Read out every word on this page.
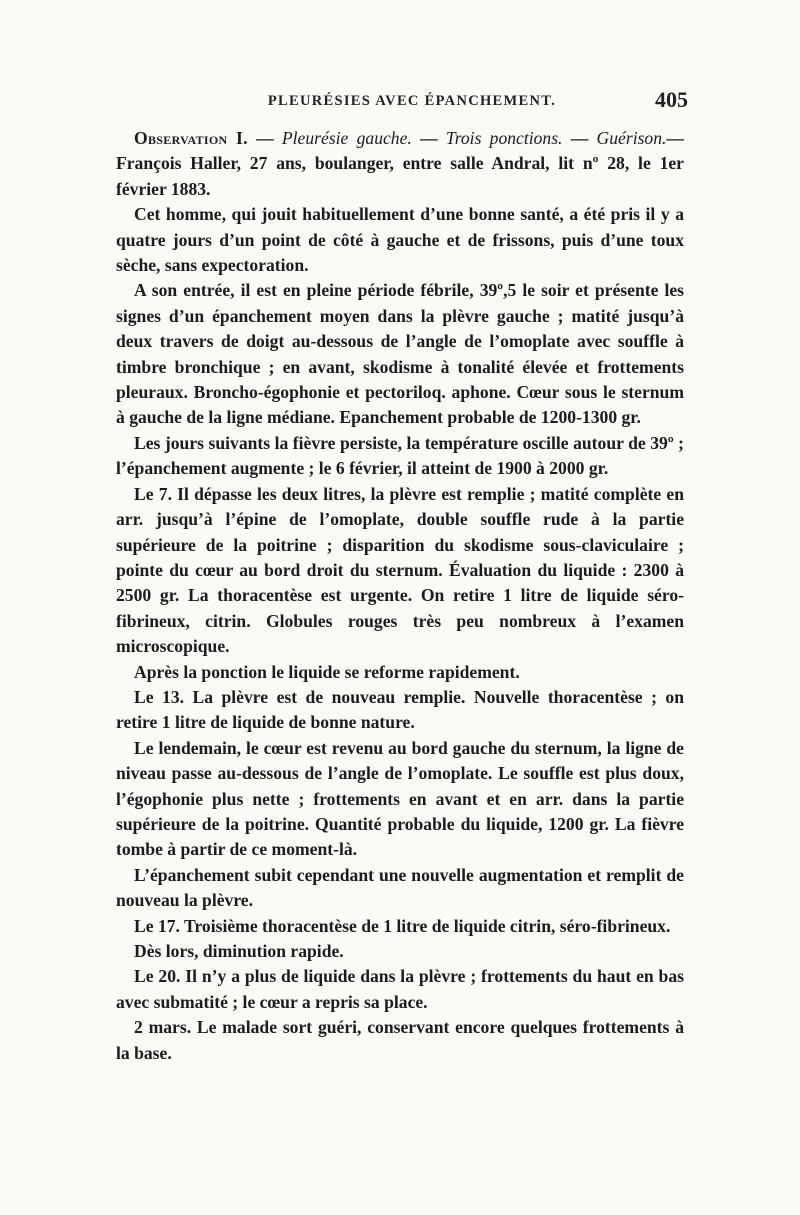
PLEURÉSIES AVEC ÉPANCHEMENT.	405

Observation I. — Pleurésie gauche. — Trois ponctions. — Guérison.— François Haller, 27 ans, boulanger, entre salle Andral, lit nº 28, le 1er février 1883.

Cet homme, qui jouit habituellement d’une bonne santé, a été pris il y a quatre jours d’un point de côté à gauche et de frissons, puis d’une toux sèche, sans expectoration.

A son entrée, il est en pleine période fébrile, 39º,5 le soir et présente les signes d’un épanchement moyen dans la plèvre gauche ; matité jusqu’à deux travers de doigt au-dessous de l’angle de l’omoplate avec souffle à timbre bronchique ; en avant, skodisme à tonalité élevée et frottements pleuraux. Broncho-égophonie et pectoriloq. aphone. Cœur sous le sternum à gauche de la ligne médiane. Epanchement probable de 1200-1300 gr.

Les jours suivants la fièvre persiste, la température oscille autour de 39º ; l’épanchement augmente ; le 6 février, il atteint de 1900 à 2000 gr.

Le 7. Il dépasse les deux litres, la plèvre est remplie ; matité complète en arr. jusqu’à l’épine de l’omoplate, double souffle rude à la partie supérieure de la poitrine ; disparition du skodisme sous-claviculaire ; pointe du cœur au bord droit du sternum. Évaluation du liquide : 2300 à 2500 gr. La thoracentèse est urgente. On retire 1 litre de liquide séro-fibrineux, citrin. Globules rouges très peu nombreux à l’examen microscopique.

Après la ponction le liquide se reforme rapidement.

Le 13. La plèvre est de nouveau remplie. Nouvelle thoracentèse ; on retire 1 litre de liquide de bonne nature.

Le lendemain, le cœur est revenu au bord gauche du sternum, la ligne de niveau passe au-dessous de l’angle de l’omoplate. Le souffle est plus doux, l’égophonie plus nette ; frottements en avant et en arr. dans la partie supérieure de la poitrine. Quantité probable du liquide, 1200 gr. La fièvre tombe à partir de ce moment-là.

L’épanchement subit cependant une nouvelle augmentation et remplit de nouveau la plèvre.

Le 17. Troisième thoracentèse de 1 litre de liquide citrin, séro-fibrineux.

Dès lors, diminution rapide.

Le 20. Il n’y a plus de liquide dans la plèvre ; frottements du haut en bas avec submatité ; le cœur a repris sa place.

2 mars. Le malade sort guéri, conservant encore quelques frottements à la base.
